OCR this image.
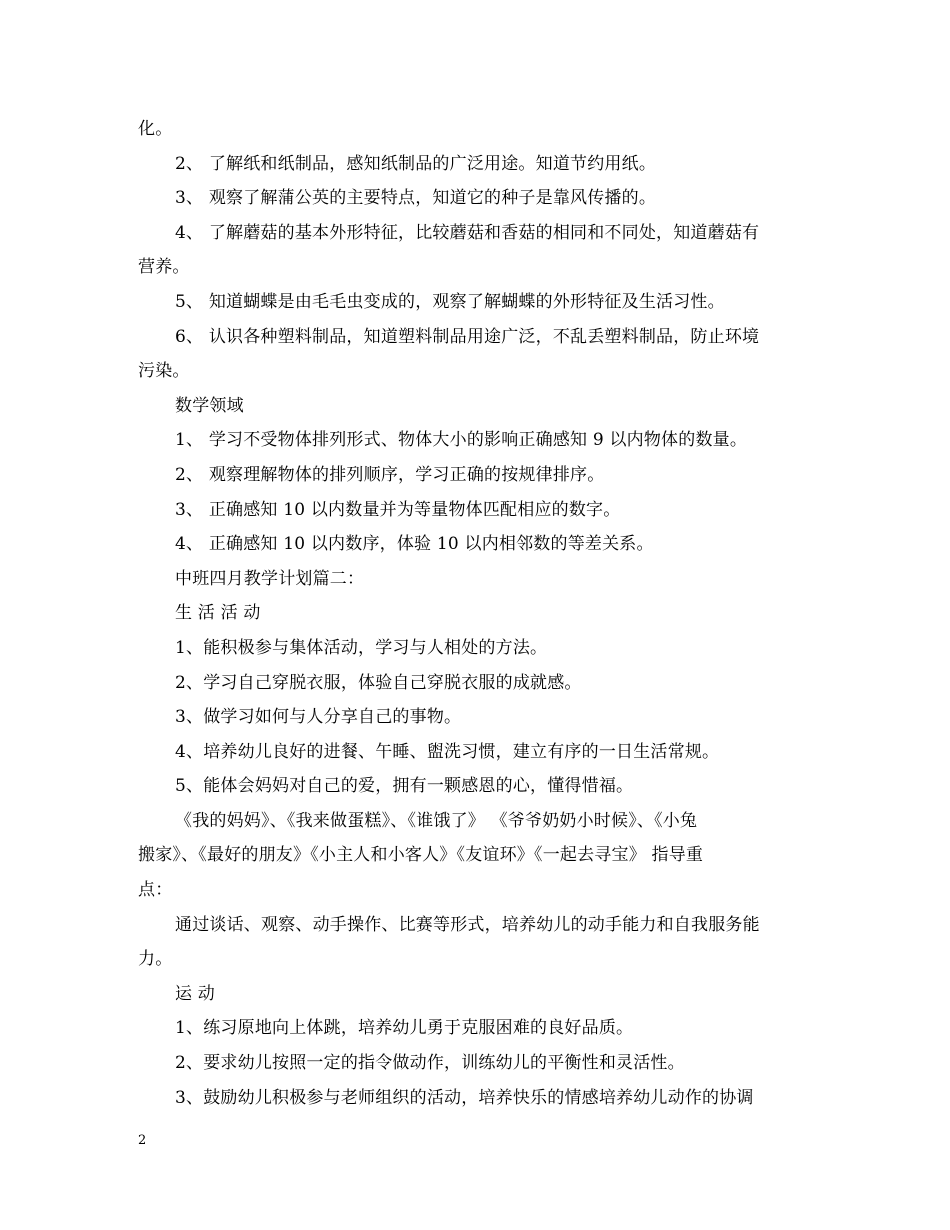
化。
2、 了解纸和纸制品，感知纸制品的广泛用途。知道节约用纸。
3、 观察了解蒲公英的主要特点，知道它的种子是靠风传播的。
4、 了解蘑菇的基本外形特征，比较蘑菇和香菇的相同和不同处，知道蘑菇有
营养。
5、 知道蝴蝶是由毛毛虫变成的，观察了解蝴蝶的外形特征及生活习性。
6、 认识各种塑料制品，知道塑料制品用途广泛，不乱丢塑料制品，防止环境
污染。
数学领域
1、 学习不受物体排列形式、物体大小的影响正确感知 9 以内物体的数量。
2、 观察理解物体的排列顺序，学习正确的按规律排序。
3、 正确感知 10 以内数量并为等量物体匹配相应的数字。
4、 正确感知 10 以内数序，体验 10 以内相邻数的等差关系。
中班四月教学计划篇二：
生 活 活 动
1、能积极参与集体活动，学习与人相处的方法。
2、学习自己穿脱衣服，体验自己穿脱衣服的成就感。
3、做学习如何与人分享自己的事物。
4、培养幼儿良好的进餐、午睡、盥洗习惯，建立有序的一日生活常规。
5、能体会妈妈对自己的爱，拥有一颗感恩的心，懂得惜福。
《我的妈妈》、《我来做蛋糕》、《谁饿了》 《爷爷奶奶小时候》、《小兔
搬家》、《最好的朋友》《小主人和小客人》《友谊环》《一起去寻宝》 指导重
点：
通过谈话、观察、动手操作、比赛等形式，培养幼儿的动手能力和自我服务能
力。
运 动
1、练习原地向上体跳，培养幼儿勇于克服困难的良好品质。
2、要求幼儿按照一定的指令做动作，训练幼儿的平衡性和灵活性。
3、鼓励幼儿积极参与老师组织的活动，培养快乐的情感培养幼儿动作的协调
2
